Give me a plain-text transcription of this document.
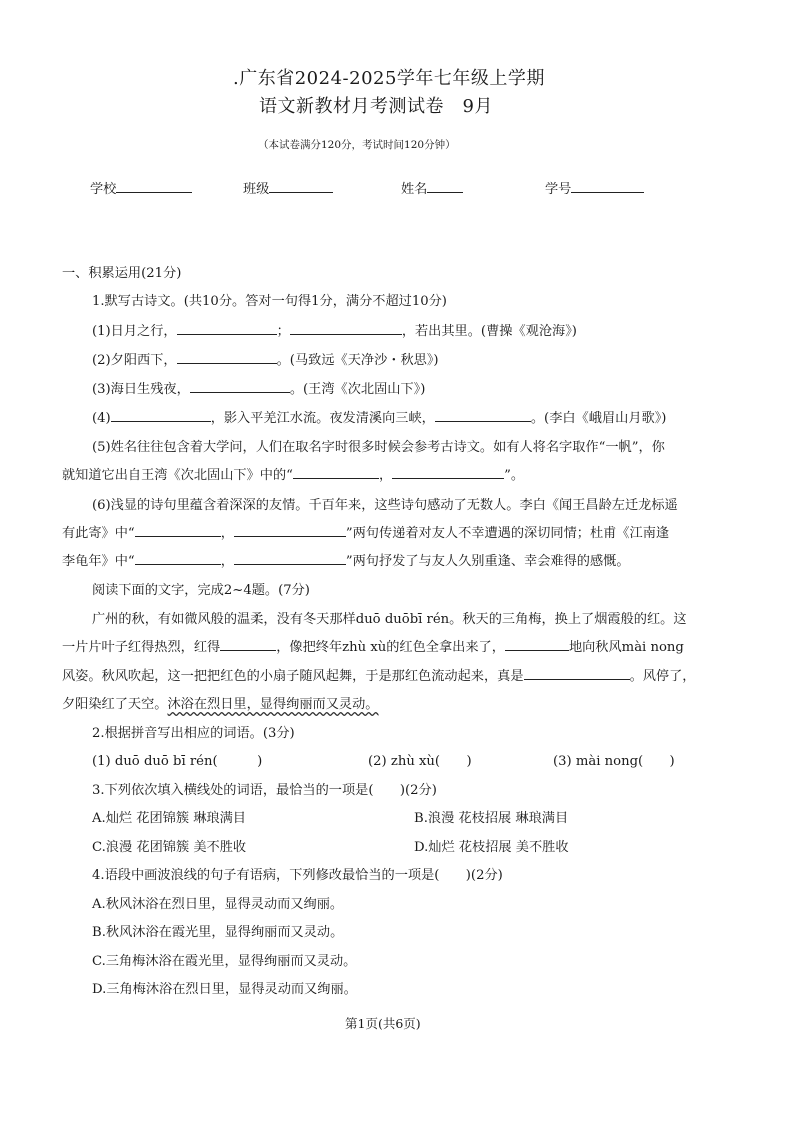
.广东省2024-2025学年七年级上学期
语文新教材月考测试卷　9月
（本试卷满分120分，考试时间120分钟）
学校	班级	姓名	学号
一、积累运用(21分)
1.默写古诗文。(共10分。答对一句得1分，满分不超过10分)
(1)日月之行，	；	，若出其里。(曹操《观沧海》)
(2)夕阳西下，	。(马致远《天净沙・秋思》)
(3)海日生残夜，	。(王湾《次北固山下》)
(4)	，影入平羌江水流。夜发清溪向三峡，	。(李白《峨眉山月歌》)
(5)姓名往往包含着大学问，人们在取名字时很多时候会参考古诗文。如有人将名字取作“一帆”，你
就知道它出自王湾《次北固山下》中的“	，	”。
(6)浅显的诗句里蕴含着深深的友情。千百年来，这些诗句感动了无数人。李白《闻王昌龄左迁龙标遥
有此寄》中“	，	”两句传递着对友人不幸遭遇的深切同情；杜甫《江南逢
李龟年》中“	，	”两句抒发了与友人久别重逢、幸会难得的感慨。
阅读下面的文字，完成2~4题。(7分)
广州的秋，有如微风般的温柔，没有冬天那样duō duōbī rén。秋天的三角梅，换上了烟霞般的红。这
一片片叶子红得热烈，红得	，像把终年zhù xù的红色全拿出来了，	地向秋风mài nong
风姿。秋风吹起，这一把把红色的小扇子随风起舞，于是那红色流动起来，真是	。风停了，
夕阳染红了天空。沐浴在烈日里，显得绚丽而又灵动。
2.根据拼音写出相应的词语。(3分)
(1) duō duō bī rén(　　　)	(2) zhù xù(　　)	(3) mài nong(　　)
3.下列依次填入横线处的词语，最恰当的一项是(　　)(2分)
A.灿烂 花团锦簇 琳琅满目	B.浪漫 花枝招展 琳琅满目
C.浪漫 花团锦簇 美不胜收	D.灿烂 花枝招展 美不胜收
4.语段中画波浪线的句子有语病，下列修改最恰当的一项是(　　)(2分)
A.秋风沐浴在烈日里，显得灵动而又绚丽。
B.秋风沐浴在霞光里，显得绚丽而又灵动。
C.三角梅沐浴在霞光里，显得绚丽而又灵动。
D.三角梅沐浴在烈日里，显得灵动而又绚丽。
第1页(共6页)
